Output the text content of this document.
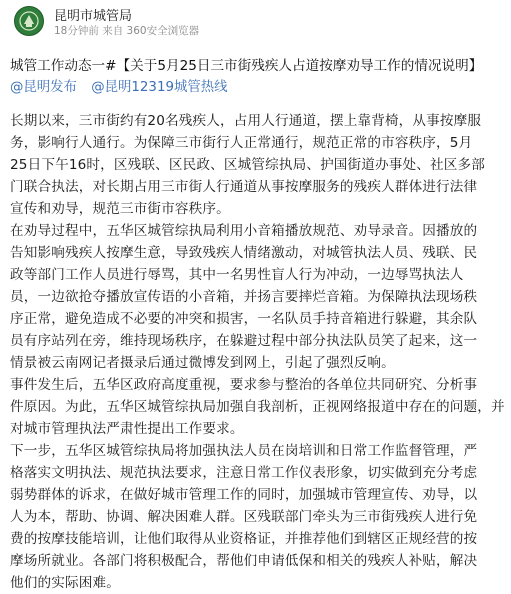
昆明市城管局
18分钟前 来自 360安全浏览器
城管工作动态一#【关于5月25日三市街残疾人占道按摩劝导工作的情况说明】
@昆明发布 @昆明12319城管热线
长期以来，三市街约有20名残疾人，占用人行通道，摆上靠背椅，从事按摩服
务，影响行人通行。为保障三市街行人正常通行，规范正常的市容秩序，5月
25日下午16时，区残联、区民政、区城管综执局、护国街道办事处、社区多部
门联合执法，对长期占用三市街人行通道从事按摩服务的残疾人群体进行法律
宣传和劝导，规范三市街市容秩序。
在劝导过程中，五华区城管综执局利用小音箱播放规范、劝导录音。因播放的
告知影响残疾人按摩生意，导致残疾人情绪激动，对城管执法人员、残联、民
政等部门工作人员进行辱骂，其中一名男性盲人行为冲动，一边辱骂执法人
员，一边欲抢夺播放宣传语的小音箱，并扬言要摔烂音箱。为保障执法现场秩
序正常，避免造成不必要的冲突和损害，一名队员手持音箱进行躲避，其余队
员有序站列在旁，维持现场秩序，在躲避过程中部分执法队员笑了起来，这一
情景被云南网记者摄录后通过微博发到网上，引起了强烈反响。
事件发生后，五华区政府高度重视，要求参与整治的各单位共同研究、分析事
件原因。为此，五华区城管综执局加强自我剖析，正视网络报道中存在的问题，并
对城市管理执法严肃性提出工作要求。
下一步，五华区城管综执局将加强执法人员在岗培训和日常工作监督管理，严
格落实文明执法、规范执法要求，注意日常工作仪表形象，切实做到充分考虑
弱势群体的诉求，在做好城市管理工作的同时，加强城市管理宣传、劝导，以
人为本，帮助、协调、解决困难人群。区残联部门牵头为三市街残疾人进行免
费的按摩技能培训，让他们取得从业资格证，并推荐他们到辖区正规经营的按
摩场所就业。各部门将积极配合，帮他们申请低保和相关的残疾人补贴，解决
他们的实际困难。
